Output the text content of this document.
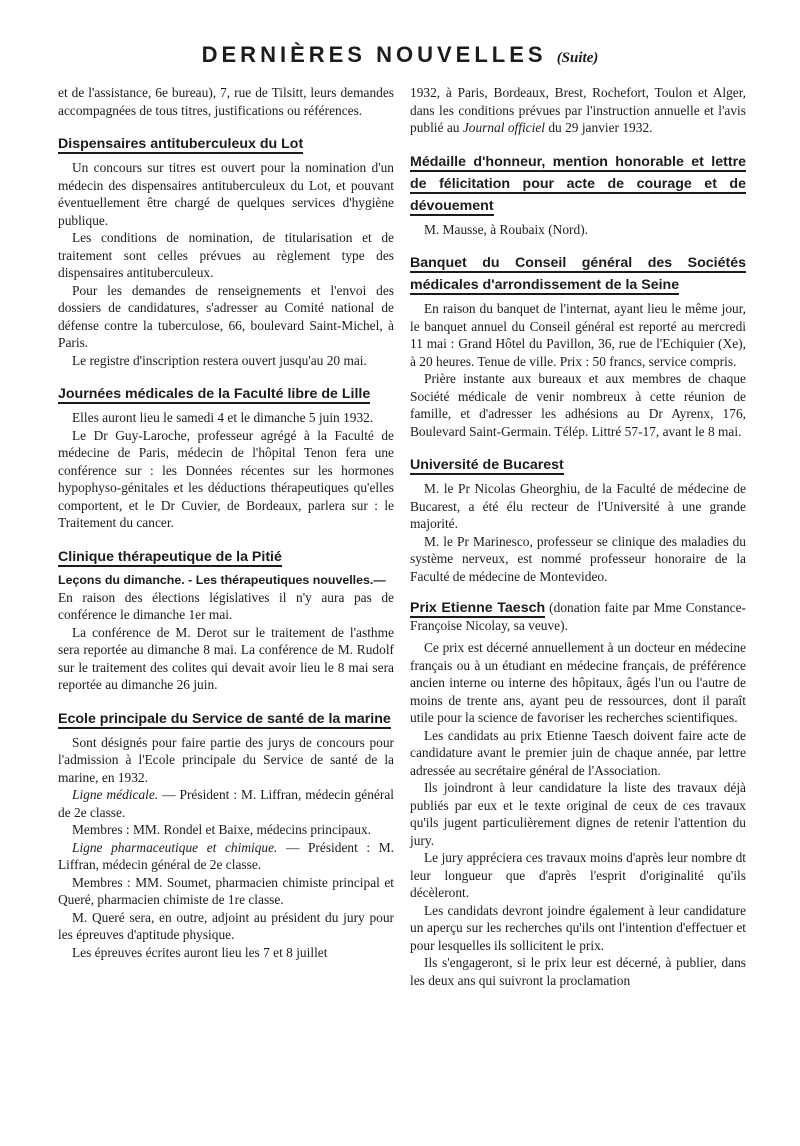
DERNIÈRES NOUVELLES (Suite)

et de l'assistance, 6e bureau), 7, rue de Tilsitt, leurs demandes accompagnées de tous titres, justifications ou références.

Dispensaires antituberculeux du Lot

Un concours sur titres est ouvert pour la nomination d'un médecin des dispensaires antituberculeux du Lot, et pouvant éventuellement être chargé de quelques services d'hygiène publique.

Les conditions de nomination, de titularisation et de traitement sont celles prévues au règlement type des dispensaires antituberculeux.

Pour les demandes de renseignements et l'envoi des dossiers de candidatures, s'adresser au Comité national de défense contre la tuberculose, 66, boulevard Saint-Michel, à Paris.

Le registre d'inscription restera ouvert jusqu'au 20 mai.

Journées médicales de la Faculté libre de Lille

Elles auront lieu le samedi 4 et le dimanche 5 juin 1932.

Le Dr Guy-Laroche, professeur agrégé à la Faculté de médecine de Paris, médecin de l'hôpital Tenon fera une conférence sur : les Données récentes sur les hormones hypophyso-génitales et les déductions thérapeutiques qu'elles comportent, et le Dr Cuvier, de Bordeaux, parlera sur : le Traitement du cancer.

Clinique thérapeutique de la Pitié

Leçons du dimanche. - Les thérapeutiques nouvelles.—

En raison des élections législatives il n'y aura pas de conférence le dimanche 1er mai.

La conférence de M. Derot sur le traitement de l'asthme sera reportée au dimanche 8 mai. La conférence de M. Rudolf sur le traitement des colites qui devait avoir lieu le 8 mai sera reportée au dimanche 26 juin.

Ecole principale du Service de santé de la marine

Sont désignés pour faire partie des jurys de concours pour l'admission à l'Ecole principale du Service de santé de la marine, en 1932.

Ligne médicale. — Président : M. Liffran, médecin général de 2e classe.

Membres : MM. Rondel et Baixe, médecins principaux.

Ligne pharmaceutique et chimique. — Président : M. Liffran, médecin général de 2e classe.

Membres : MM. Soumet, pharmacien chimiste principal et Queré, pharmacien chimiste de 1re classe.

M. Queré sera, en outre, adjoint au président du jury pour les épreuves d'aptitude physique.

Les épreuves écrites auront lieu les 7 et 8 juillet

1932, à Paris, Bordeaux, Brest, Rochefort, Toulon et Alger, dans les conditions prévues par l'instruction annuelle et l'avis publié au Journal officiel du 29 janvier 1932.

Médaille d'honneur, mention honorable et lettre de félicitation pour acte de courage et de dévouement

M. Mausse, à Roubaix (Nord).

Banquet du Conseil général des Sociétés médicales d'arrondissement de la Seine

En raison du banquet de l'internat, ayant lieu le même jour, le banquet annuel du Conseil général est reporté au mercredi 11 mai : Grand Hôtel du Pavillon, 36, rue de l'Echiquier (Xe), à 20 heures. Tenue de ville. Prix : 50 francs, service compris.

Prière instante aux bureaux et aux membres de chaque Société médicale de venir nombreux à cette réunion de famille, et d'adresser les adhésions au Dr Ayrenx, 176, Boulevard Saint-Germain. Télép. Littré 57-17, avant le 8 mai.

Université de Bucarest

M. le Pr Nicolas Gheorghiu, de la Faculté de médecine de Bucarest, a été élu recteur de l'Université à une grande majorité.

M. le Pr Marinesco, professeur se clinique des maladies du système nerveux, est nommé professeur honoraire de la Faculté de médecine de Montevideo.

Prix Etienne Taesch (donation faite par Mme Constance-Françoise Nicolay, sa veuve).

Ce prix est décerné annuellement à un docteur en médecine français ou à un étudiant en médecine français, de préférence ancien interne ou interne des hôpitaux, âgés l'un ou l'autre de moins de trente ans, ayant peu de ressources, dont il paraît utile pour la science de favoriser les recherches scientifiques.

Les candidats au prix Etienne Taesch doivent faire acte de candidature avant le premier juin de chaque année, par lettre adressée au secrétaire général de l'Association.

Ils joindront à leur candidature la liste des travaux déjà publiés par eux et le texte original de ceux de ces travaux qu'ils jugent particulièrement dignes de retenir l'attention du jury.

Le jury appréciera ces travaux moins d'après leur nombre dt leur longueur que d'après l'esprit d'originalité qu'ils décèleront.

Les candidats devront joindre également à leur candidature un aperçu sur les recherches qu'ils ont l'intention d'effectuer et pour lesquelles ils sollicitent le prix.

Ils s'engageront, si le prix leur est décerné, à publier, dans les deux ans qui suivront la proclamation
